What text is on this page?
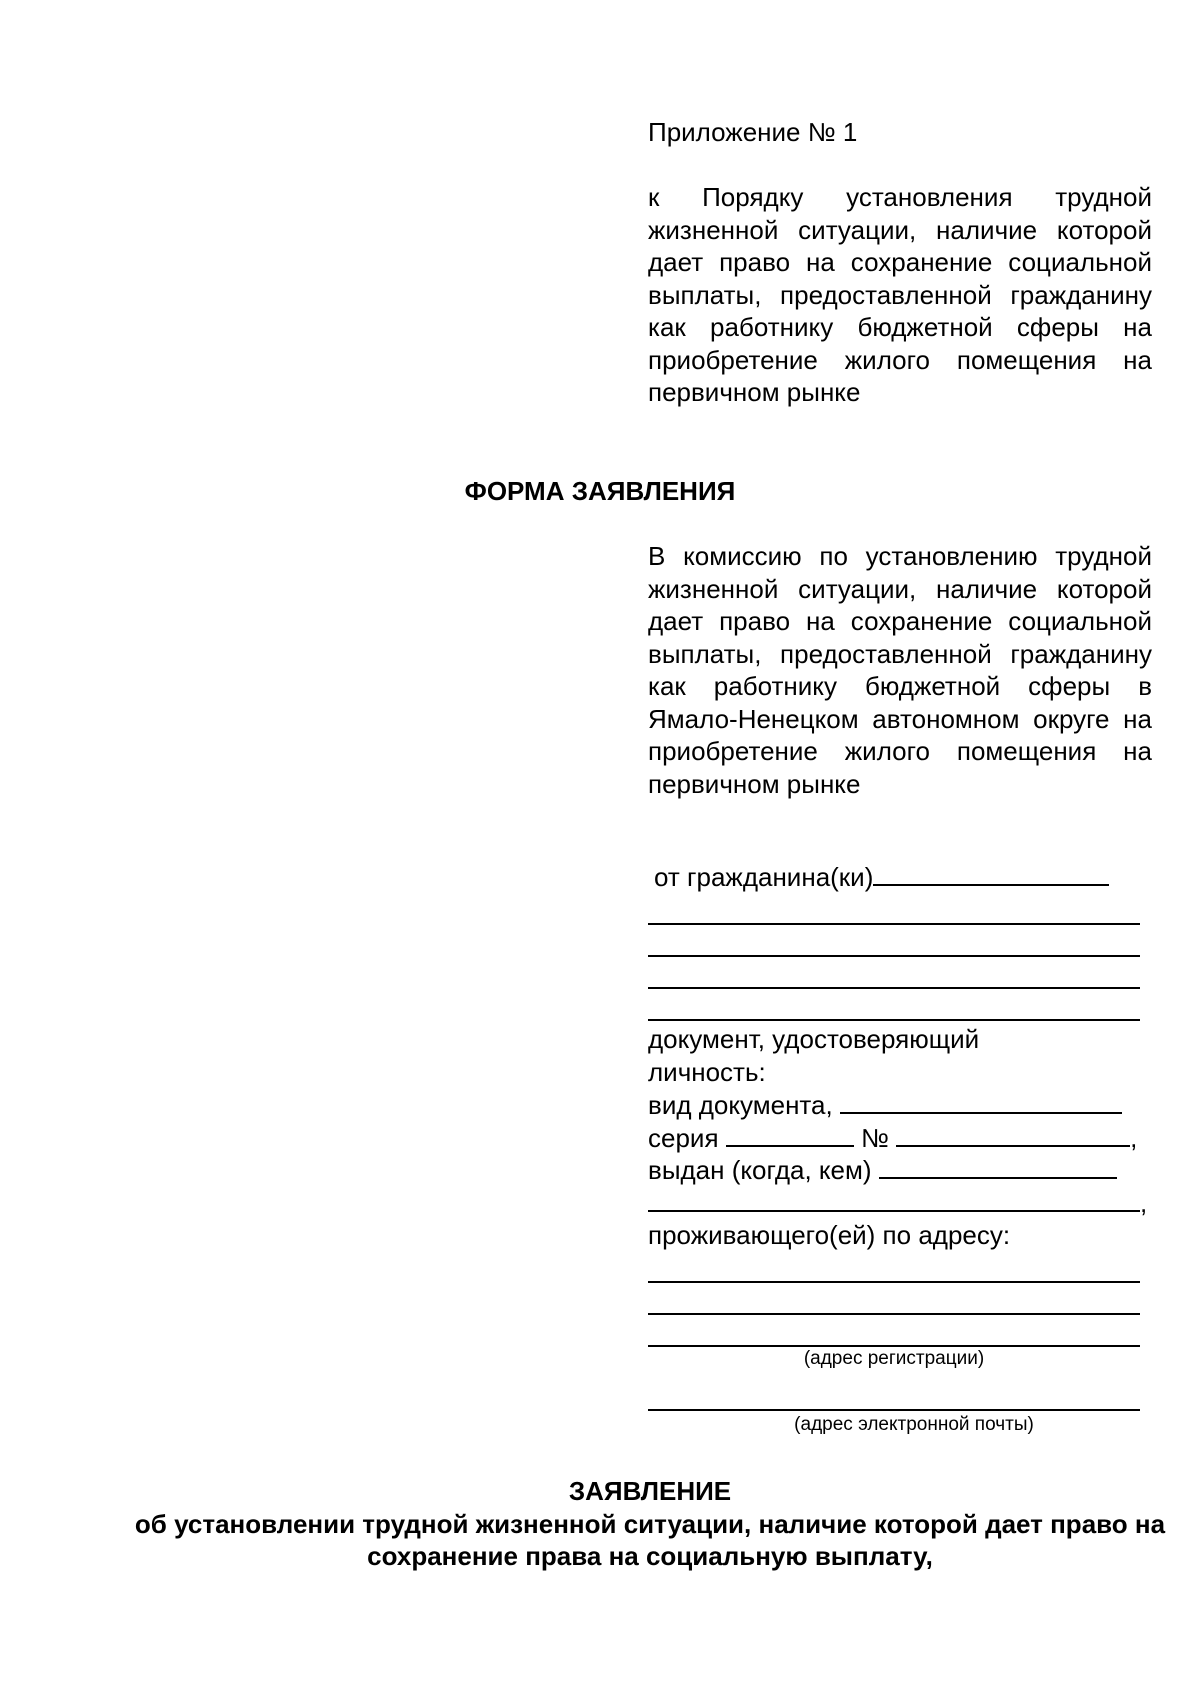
Приложение № 1
к Порядку установления трудной жизненной ситуации, наличие которой дает право на сохранение социальной выплаты, предоставленной гражданину как работнику бюджетной сферы на приобретение жилого помещения на первичном рынке
ФОРМА ЗАЯВЛЕНИЯ
В комиссию по установлению трудной жизненной ситуации, наличие которой дает право на сохранение социальной выплаты, предоставленной гражданину как работнику бюджетной сферы в Ямало-Ненецком автономном округе на приобретение жилого помещения на первичном рынке
от гражданина(ки)
документ, удостоверяющий личность:
вид документа,
серия	№	,
выдан (когда, кем)
,
проживающего(ей) по адресу:
(адрес регистрации)
(адрес электронной почты)
ЗАЯВЛЕНИЕ
об установлении трудной жизненной ситуации, наличие которой дает право на сохранение права на социальную выплату,
